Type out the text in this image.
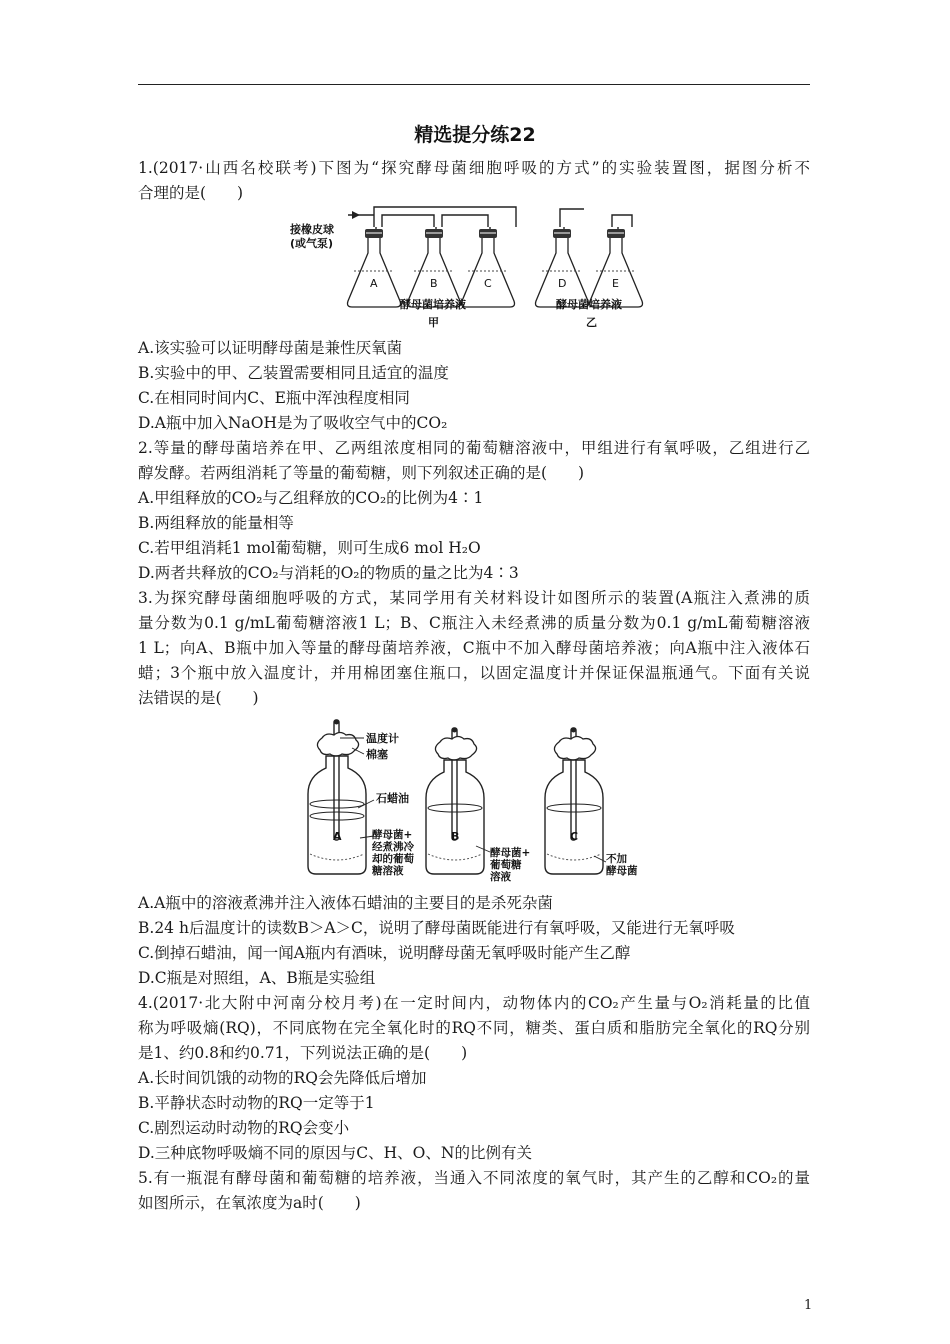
精选提分练22
1.(2017·山西名校联考)下图为“探究酵母菌细胞呼吸的方式”的实验装置图，据图分析不
合理的是(　　)
接橡皮球
(或气泵)
A	B	C	D	E
酵母菌培养液
甲
酵母菌培养液
乙
A.该实验可以证明酵母菌是兼性厌氧菌
B.实验中的甲、乙装置需要相同且适宜的温度
C.在相同时间内C、E瓶中浑浊程度相同
D.A瓶中加入NaOH是为了吸收空气中的CO₂
2.等量的酵母菌培养在甲、乙两组浓度相同的葡萄糖溶液中，甲组进行有氧呼吸，乙组进行乙
醇发酵。若两组消耗了等量的葡萄糖，则下列叙述正确的是(　　)
A.甲组释放的CO₂与乙组释放的CO₂的比例为4∶1
B.两组释放的能量相等
C.若甲组消耗1 mol葡萄糖，则可生成6 mol H₂O
D.两者共释放的CO₂与消耗的O₂的物质的量之比为4∶3
3.为探究酵母菌细胞呼吸的方式，某同学用有关材料设计如图所示的装置(A瓶注入煮沸的质
量分数为0.1 g/mL葡萄糖溶液1 L；B、C瓶注入未经煮沸的质量分数为0.1 g/mL葡萄糖溶液
1 L；向A、B瓶中加入等量的酵母菌培养液，C瓶中不加入酵母菌培养液；向A瓶中注入液体石
蜡；3个瓶中放入温度计，并用棉团塞住瓶口，以固定温度计并保证保温瓶通气。下面有关说
法错误的是(　　)
温度计
棉塞
石蜡油
A	B	C
酵母菌+
经煮沸冷
却的葡萄
糖溶液
酵母菌+
葡萄糖
溶液
不加
酵母菌
A.A瓶中的溶液煮沸并注入液体石蜡油的主要目的是杀死杂菌
B.24 h后温度计的读数B＞A＞C，说明了酵母菌既能进行有氧呼吸，又能进行无氧呼吸
C.倒掉石蜡油，闻一闻A瓶内有酒味，说明酵母菌无氧呼吸时能产生乙醇
D.C瓶是对照组，A、B瓶是实验组
4.(2017·北大附中河南分校月考)在一定时间内，动物体内的CO₂产生量与O₂消耗量的比值
称为呼吸熵(RQ)，不同底物在完全氧化时的RQ不同，糖类、蛋白质和脂肪完全氧化的RQ分别
是1、约0.8和约0.71，下列说法正确的是(　　)
A.长时间饥饿的动物的RQ会先降低后增加
B.平静状态时动物的RQ一定等于1
C.剧烈运动时动物的RQ会变小
D.三种底物呼吸熵不同的原因与C、H、O、N的比例有关
5.有一瓶混有酵母菌和葡萄糖的培养液，当通入不同浓度的氧气时，其产生的乙醇和CO₂的量
如图所示，在氧浓度为a时(　　)
1
